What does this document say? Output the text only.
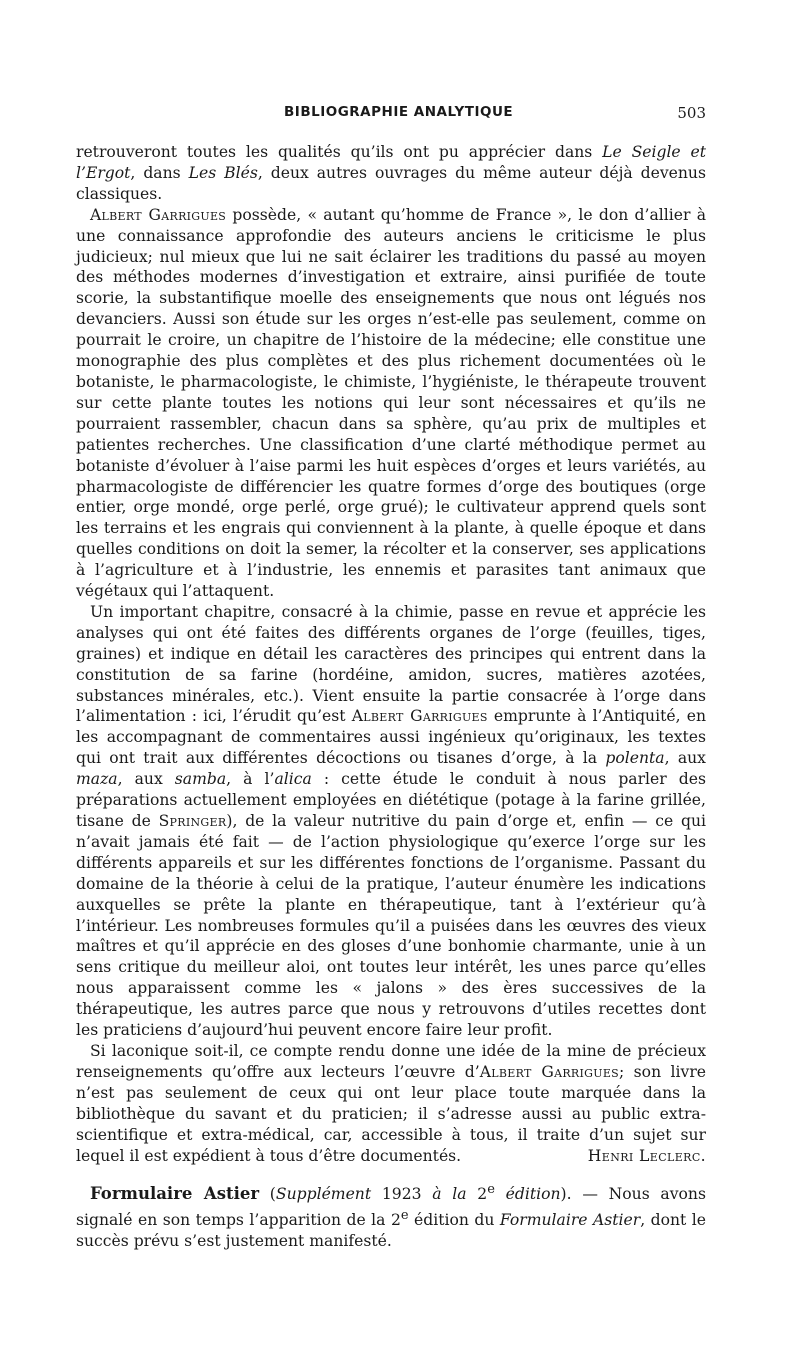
BIBLIOGRAPHIE ANALYTIQUE	503

retrouveront toutes les qualités qu’ils ont pu apprécier dans Le Seigle et l’Ergot, dans Les Blés, deux autres ouvrages du même auteur déjà devenus classiques.

Albert Garrigues possède, « autant qu’homme de France », le don d’allier à une connaissance approfondie des auteurs anciens le criticisme le plus judicieux; nul mieux que lui ne sait éclairer les traditions du passé au moyen des méthodes modernes d’investigation et extraire, ainsi purifiée de toute scorie, la substantifique moelle des enseignements que nous ont légués nos devanciers. Aussi son étude sur les orges n’est-elle pas seulement, comme on pourrait le croire, un chapitre de l’histoire de la médecine; elle constitue une monographie des plus complètes et des plus richement documentées où le botaniste, le pharmacologiste, le chimiste, l’hygiéniste, le thérapeute trouvent sur cette plante toutes les notions qui leur sont nécessaires et qu’ils ne pourraient rassembler, chacun dans sa sphère, qu’au prix de multiples et patientes recherches. Une classification d’une clarté méthodique permet au botaniste d’évoluer à l’aise parmi les huit espèces d’orges et leurs variétés, au pharmacologiste de différencier les quatre formes d’orge des boutiques (orge entier, orge mondé, orge perlé, orge grué); le cultivateur apprend quels sont les terrains et les engrais qui conviennent à la plante, à quelle époque et dans quelles conditions on doit la semer, la récolter et la conserver, ses applications à l’agriculture et à l’industrie, les ennemis et parasites tant animaux que végétaux qui l’attaquent.

Un important chapitre, consacré à la chimie, passe en revue et apprécie les analyses qui ont été faites des différents organes de l’orge (feuilles, tiges, graines) et indique en détail les caractères des principes qui entrent dans la constitution de sa farine (hordéine, amidon, sucres, matières azotées, substances minérales, etc.). Vient ensuite la partie consacrée à l’orge dans l’alimentation : ici, l’érudit qu’est Albert Garrigues emprunte à l’Antiquité, en les accompagnant de commentaires aussi ingénieux qu’originaux, les textes qui ont trait aux différentes décoctions ou tisanes d’orge, à la polenta, aux maza, aux samba, à l’alica : cette étude le conduit à nous parler des préparations actuellement employées en diététique (potage à la farine grillée, tisane de Springer), de la valeur nutritive du pain d’orge et, enfin — ce qui n’avait jamais été fait — de l’action physiologique qu’exerce l’orge sur les différents appareils et sur les différentes fonctions de l’organisme. Passant du domaine de la théorie à celui de la pratique, l’auteur énumère les indications auxquelles se prête la plante en thérapeutique, tant à l’extérieur qu’à l’intérieur. Les nombreuses formules qu’il a puisées dans les œuvres des vieux maîtres et qu’il apprécie en des gloses d’une bonhomie charmante, unie à un sens critique du meilleur aloi, ont toutes leur intérêt, les unes parce qu’elles nous apparaissent comme les « jalons » des ères successives de la thérapeutique, les autres parce que nous y retrouvons d’utiles recettes dont les praticiens d’aujourd’hui peuvent encore faire leur profit.

Si laconique soit-il, ce compte rendu donne une idée de la mine de précieux renseignements qu’offre aux lecteurs l’œuvre d’Albert Garrigues; son livre n’est pas seulement de ceux qui ont leur place toute marquée dans la bibliothèque du savant et du praticien; il s’adresse aussi au public extra-scientifique et extra-médical, car, accessible à tous, il traite d’un sujet sur lequel il est expédient à tous d’être documentés.	Henri Leclerc.

Formulaire Astier (Supplément 1923 à la 2e édition). — Nous avons signalé en son temps l’apparition de la 2e édition du Formulaire Astier, dont le succès prévu s’est justement manifesté.
